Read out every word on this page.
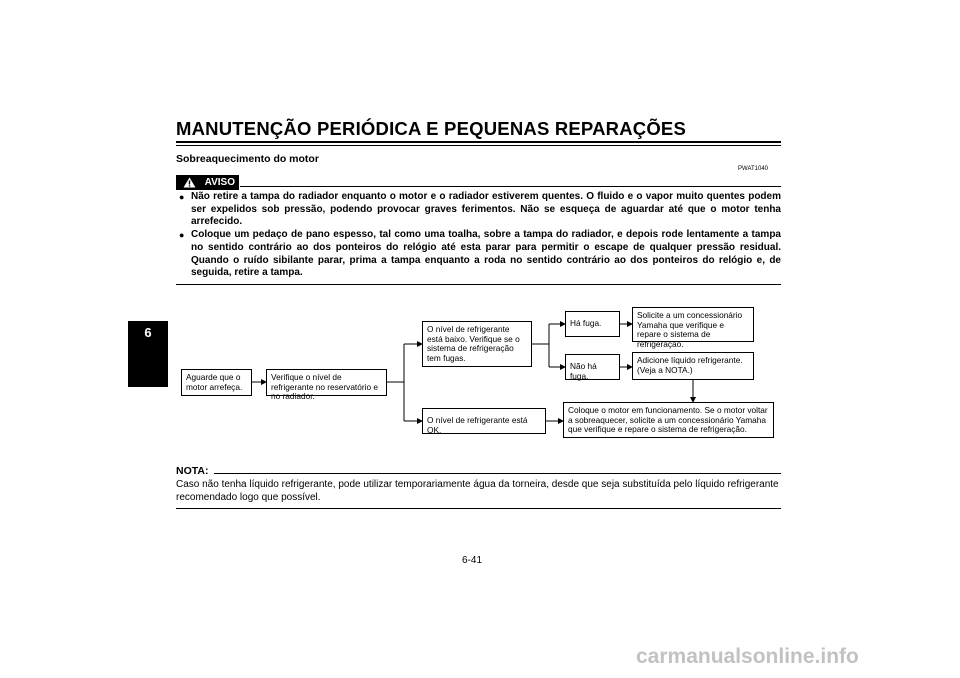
MANUTENÇÃO PERIÓDICA E PEQUENAS REPARAÇÕES
6
Sobreaquecimento do motor
PWAT1040
AVISO
● Não retire a tampa do radiador enquanto o motor e o radiador estiverem quentes. O fluido e o vapor muito quentes podem ser expelidos sob pressão, podendo provocar graves ferimentos. Não se esqueça de aguardar até que o motor tenha arrefecido.
● Coloque um pedaço de pano espesso, tal como uma toalha, sobre a tampa do radiador, e depois rode lentamente a tampa no sentido contrário ao dos ponteiros do relógio até esta parar para permitir o escape de qualquer pressão residual. Quando o ruído sibilante parar, prima a tampa enquanto a roda no sentido contrário ao dos ponteiros do relógio e, de seguida, retire a tampa.
Aguarde que o motor arrefeça.
Verifique o nível de refrigerante no reservatório e no radiador.
O nível de refrigerante está baixo. Verifique se o sistema de refrigeração tem fugas.
O nível de refrigerante está OK.
Há fuga.
Não há fuga.
Solicite a um concessionário Yamaha que verifique e repare o sistema de refrigeração.
Adicione líquido refrigerante. (Veja a NOTA.)
Coloque o motor em funcionamento. Se o motor voltar a sobreaquecer, solicite a um concessionário Yamaha que verifique e repare o sistema de refrigeração.
NOTA:
Caso não tenha líquido refrigerante, pode utilizar temporariamente água da torneira, desde que seja substituída pelo líquido refrigerante recomendado logo que possível.
6-41
carmanualsonline.info
